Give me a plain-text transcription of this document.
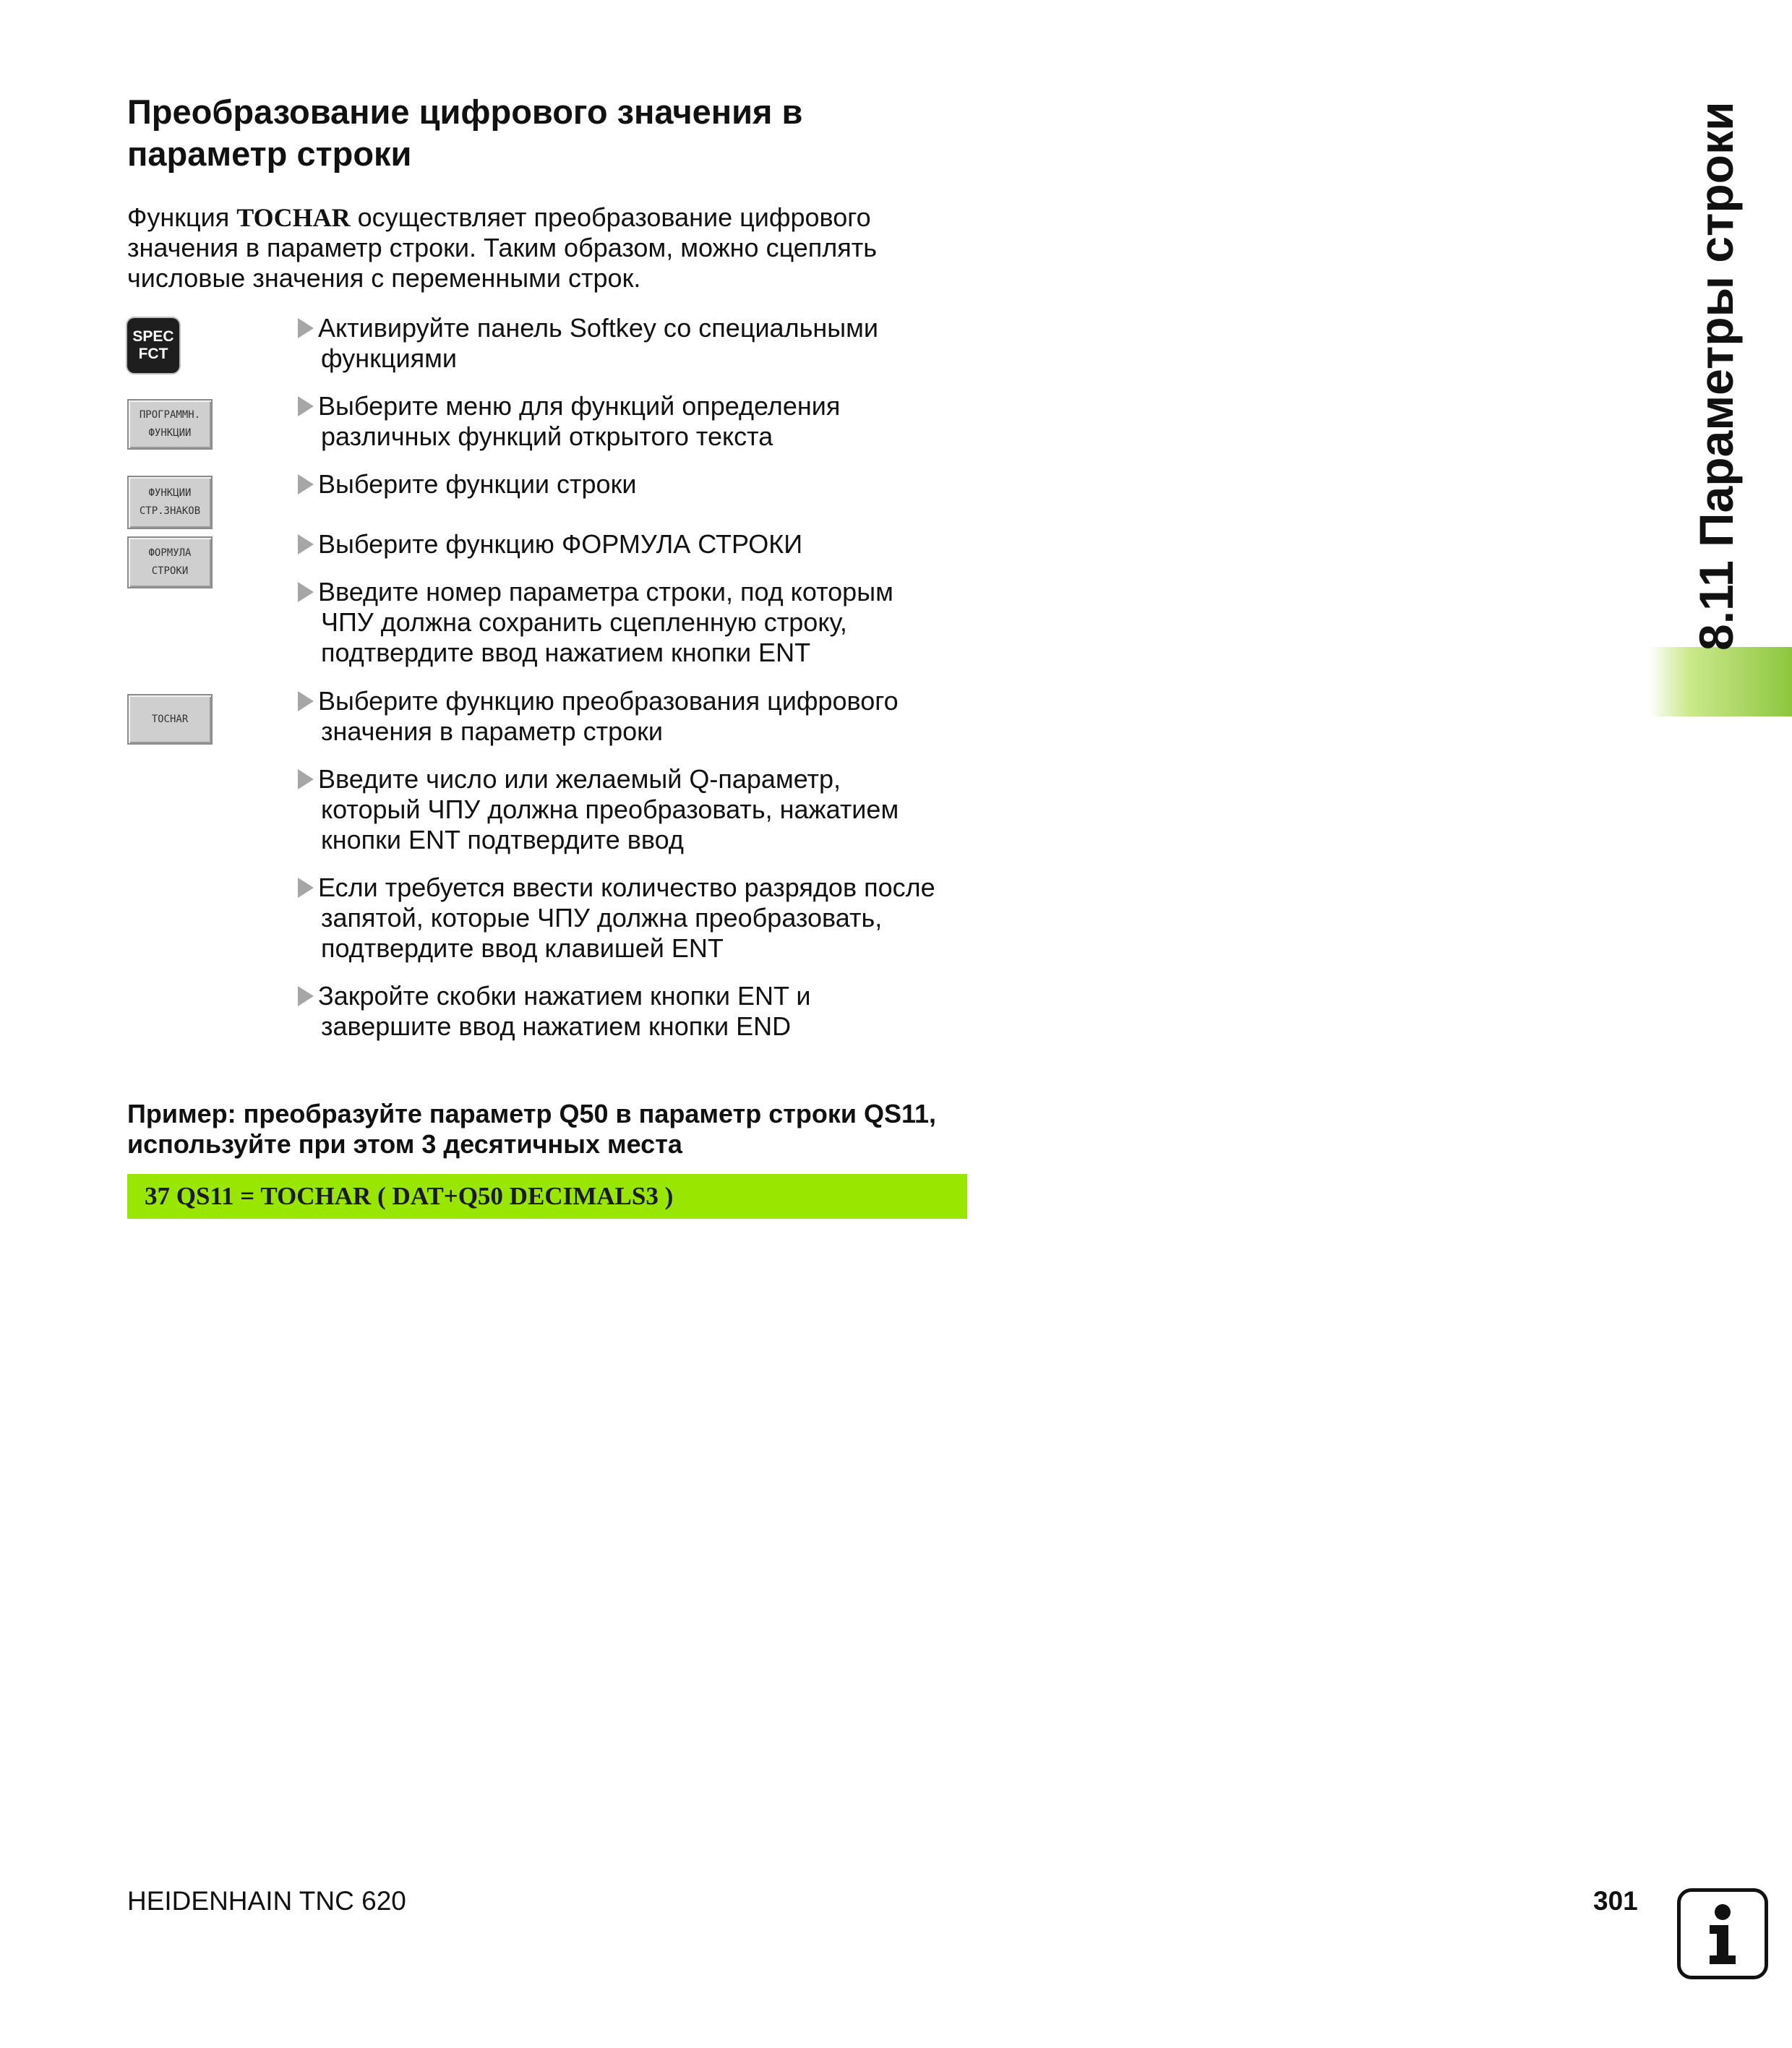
8.11 Параметры строки
Преобразование цифрового значения в
параметр строки

Функция TOCHAR осуществляет преобразование цифрового
значения в параметр строки. Таким образом, можно сцеплять
числовые значения с переменными строк.

SPEC
FCT
ПРОГРАММН.
ФУНКЦИИ
ФУНКЦИИ
СТР.ЗНАКОВ
ФОРМУЛА
СТРОКИ
TOCHAR
Активируйте панель Softkey со специальными
функциями
Выберите меню для функций определения
различных функций открытого текста
Выберите функции строки
Выберите функцию ФОРМУЛА СТРОКИ
Введите номер параметра строки, под которым
ЧПУ должна сохранить сцепленную строку,
подтвердите ввод нажатием кнопки ENT
Выберите функцию преобразования цифрового
значения в параметр строки
Введите число или желаемый Q-параметр,
который ЧПУ должна преобразовать, нажатием
кнопки ENT подтвердите ввод
Если требуется ввести количество разрядов после
запятой, которые ЧПУ должна преобразовать,
подтвердите ввод клавишей ENT
Закройте скобки нажатием кнопки ENT и
завершите ввод нажатием кнопки END
Пример: преобразуйте параметр Q50 в параметр строки QS11,
используйте при этом 3 десятичных места
37 QS11 = TOCHAR ( DAT+Q50 DECIMALS3 )
HEIDENHAIN TNC 620	301
